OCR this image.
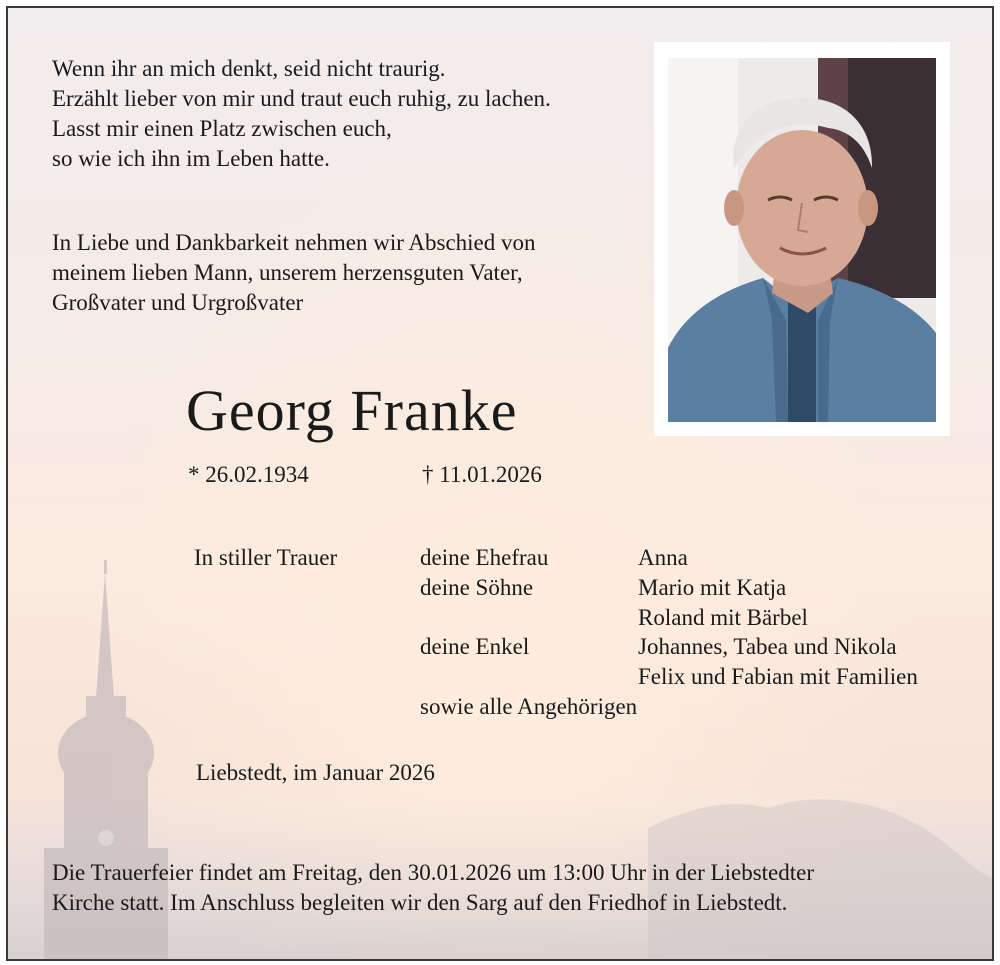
Wenn ihr an mich denkt, seid nicht traurig.
Erzählt lieber von mir und traut euch ruhig, zu lachen.
Lasst mir einen Platz zwischen euch,
so wie ich ihn im Leben hatte.
In Liebe und Dankbarkeit nehmen wir Abschied von
meinem lieben Mann, unserem herzensguten Vater,
Großvater und Urgroßvater
Georg Franke
* 26.02.1934	† 11.01.2026
In stiller Trauer	deine Ehefrau	Anna
deine Söhne	Mario mit Katja
Roland mit Bärbel
deine Enkel	Johannes, Tabea und Nikola
Felix und Fabian mit Familien
sowie alle Angehörigen
Liebstedt, im Januar 2026
Die Trauerfeier findet am Freitag, den 30.01.2026 um 13:00 Uhr in der Liebstedter
Kirche statt. Im Anschluss begleiten wir den Sarg auf den Friedhof in Liebstedt.
